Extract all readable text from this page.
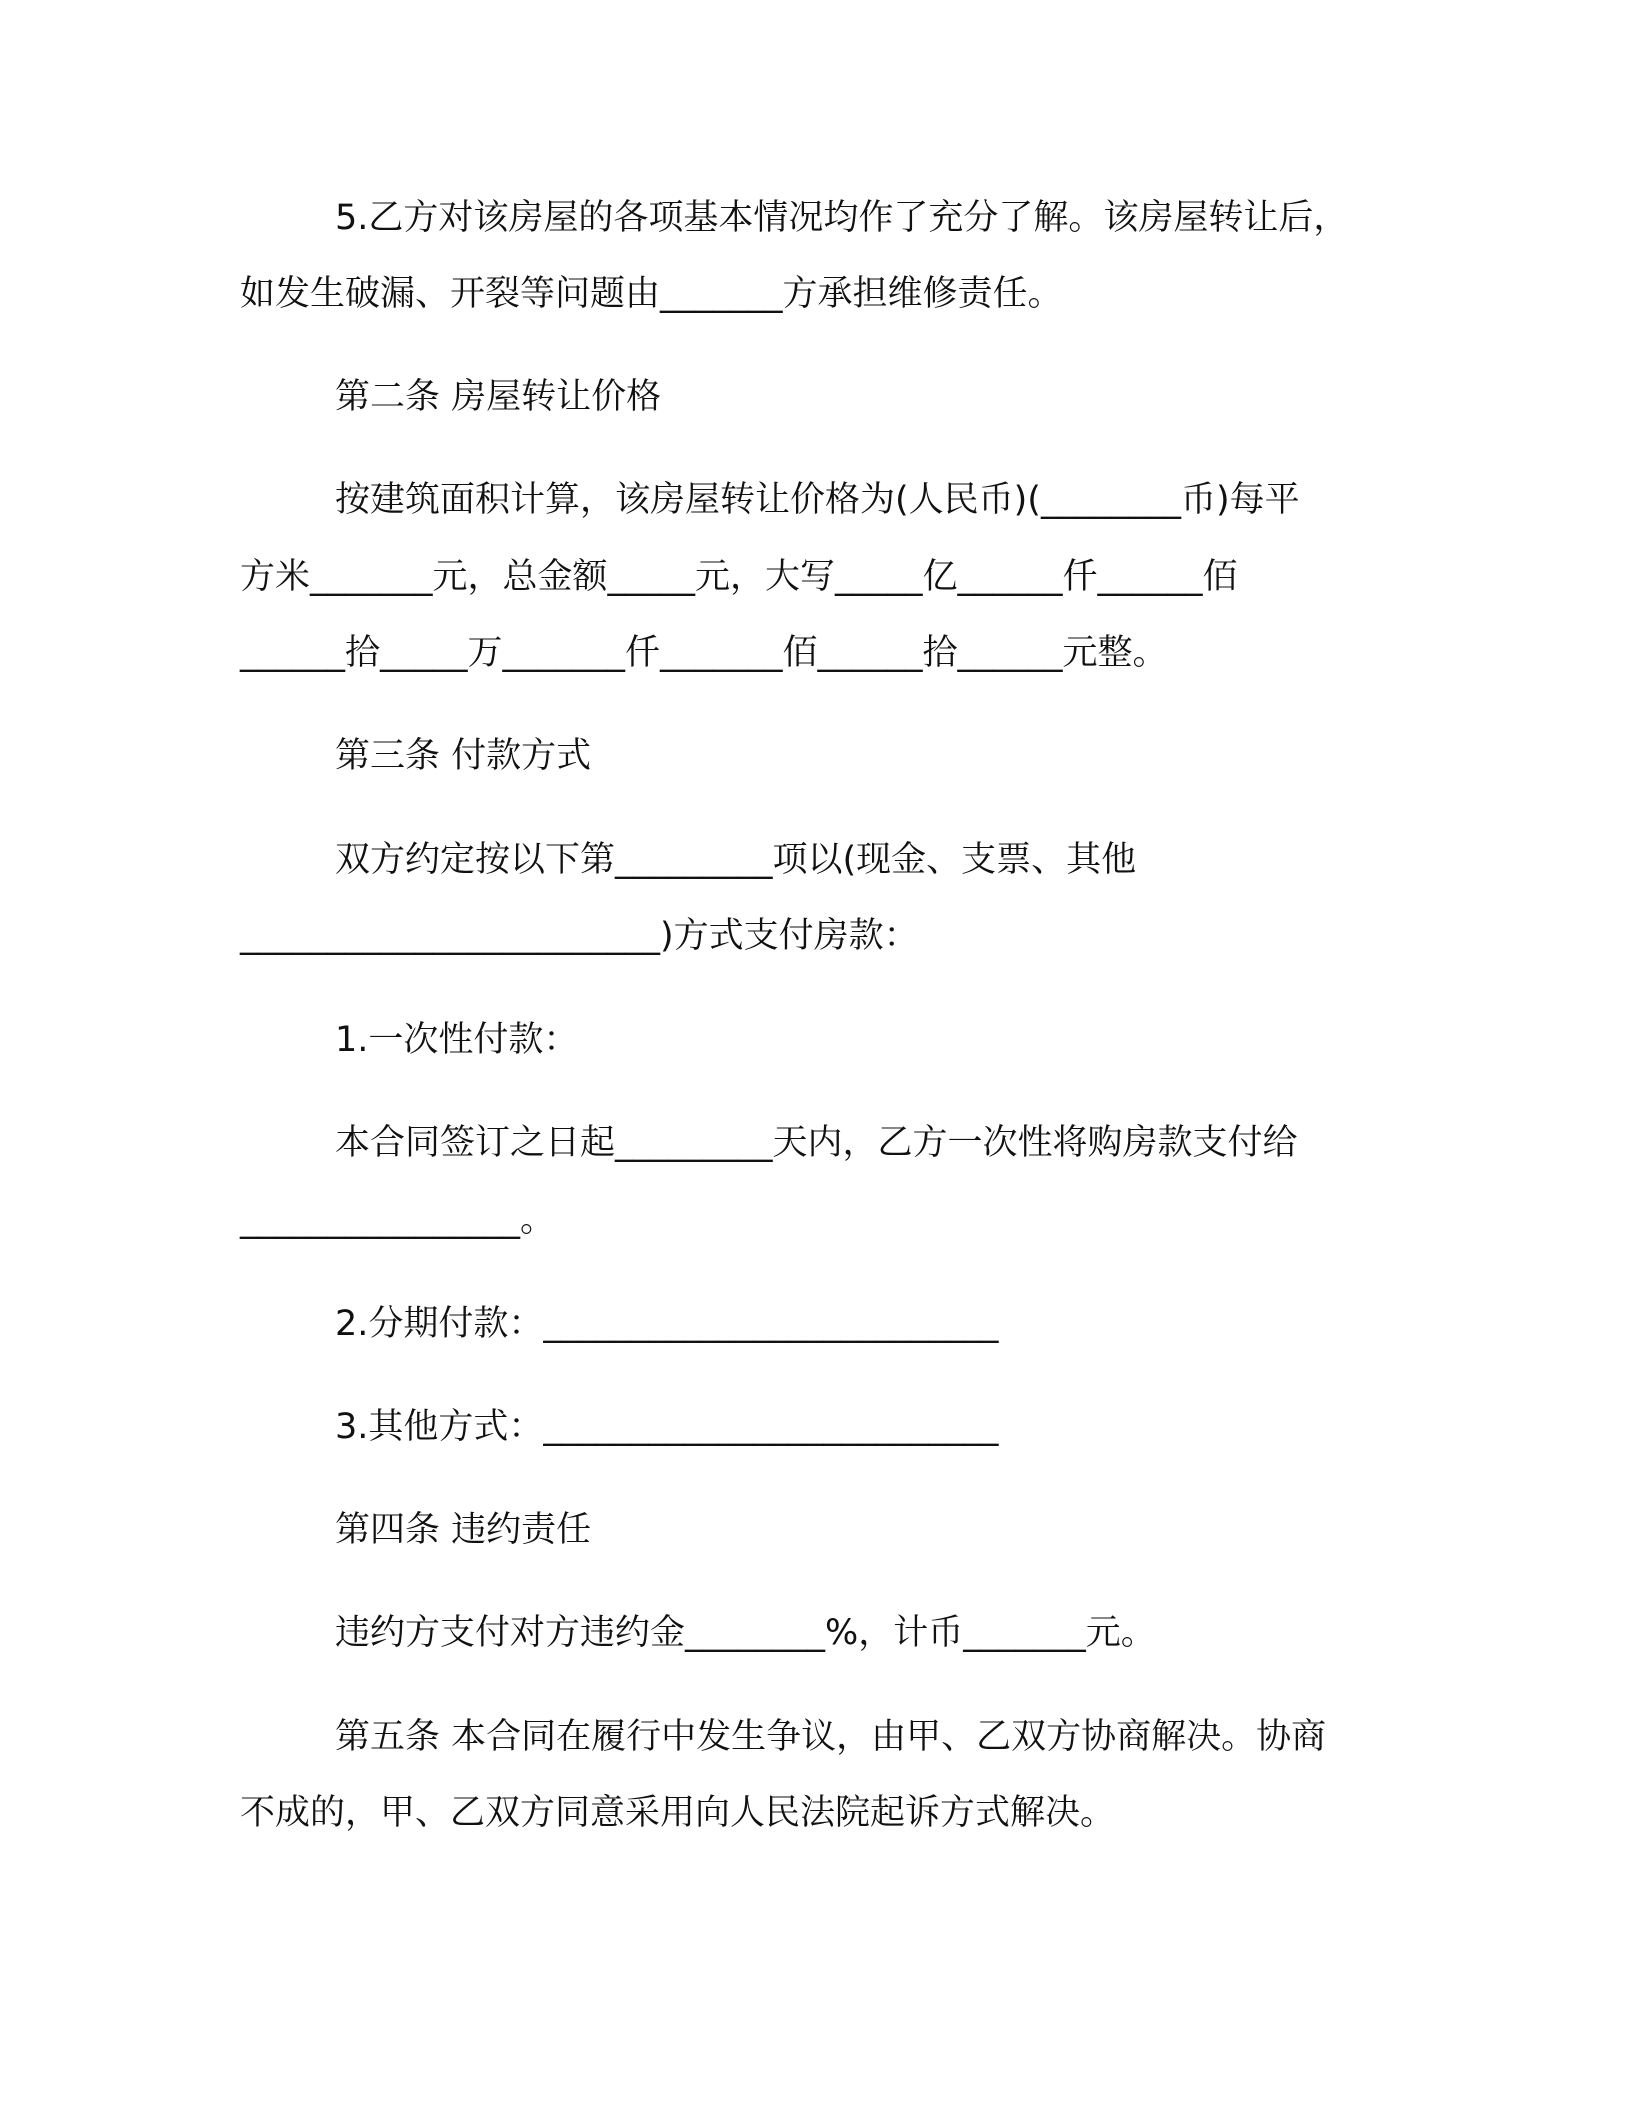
5.乙方对该房屋的各项基本情况均作了充分了解。该房屋转让后，
如发生破漏、开裂等问题由_______方承担维修责任。
第二条 房屋转让价格
按建筑面积计算，该房屋转让价格为(人民币)(________币)每平
方米_______元，总金额_____元，大写_____亿______仟______佰
______拾_____万_______仟_______佰______拾______元整。
第三条 付款方式
双方约定按以下第_________项以(现金、支票、其他
________________________)方式支付房款：
1.一次性付款：
本合同签订之日起_________天内，乙方一次性将购房款支付给
________________。
2.分期付款：__________________________
3.其他方式：__________________________
第四条 违约责任
违约方支付对方违约金________%，计币_______元。
第五条 本合同在履行中发生争议，由甲、乙双方协商解决。协商
不成的，甲、乙双方同意采用向人民法院起诉方式解决。
